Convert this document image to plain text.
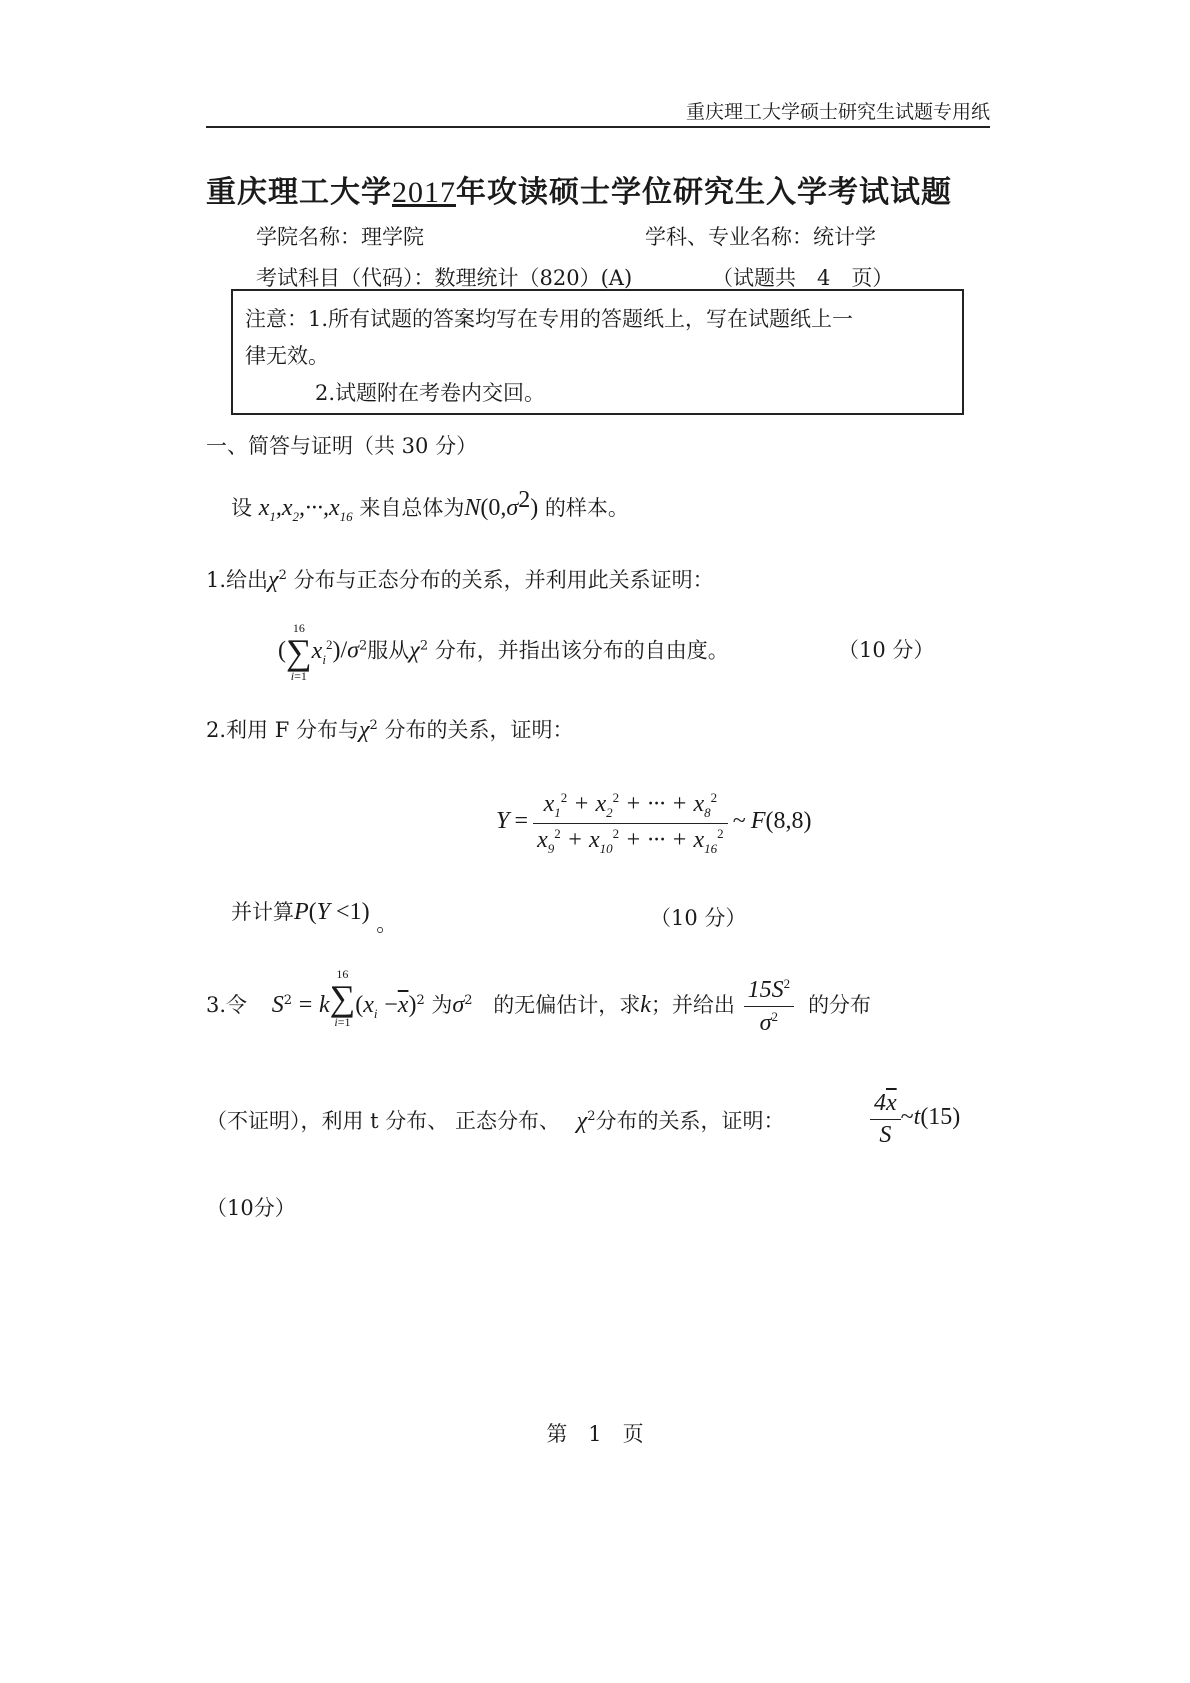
重庆理工大学硕士研究生试题专用纸
重庆理工大学2017年攻读硕士学位研究生入学考试试题
学院名称：理学院	学科、专业名称：统计学
考试科目（代码）：数理统计（820）(A)	（试题共　4　页）
注意：1.所有试题的答案均写在专用的答题纸上，写在试题纸上一
律无效。
2.试题附在考卷内交回。
一、简答与证明（共 30 分）
设 $x_1,x_2,\cdot\cdot\cdot,x_{16}$ 来自总体为$N(0,\sigma^2)$ 的样本。
1.给出$\chi^2$ 分布与正态分布的关系，并利用此关系证明：
(
16
∑
i=1
$x_i^2)/\sigma^2$服从$\chi^2$ 分布，并指出该分布的自由度。	（10 分）
2.利用 F 分布与$\chi^2$ 分布的关系，证明：
$Y = \frac{x_1^2 + x_2^2 + \cdot\cdot\cdot + x_8^2}{x_9^2 + x_{10}^2 + \cdot\cdot\cdot + x_{16}^2}$ ~ F(8,8)
并计算P(Y <1) 。	（10 分）
3.令 $S^2 = k$
16
∑
i=1
$(x_i -\overline{x})^2$ 为$\sigma^2$ 的无偏估计，求k；并给出 $\frac{15S^2}{\sigma^2}$ 的分布
（不证明），利用 t 分布、 正态分布、 $\chi^2$分布的关系，证明：	$\frac{4\overline{x}}{S}$ ~t(15)
（10分）
第　1　页
